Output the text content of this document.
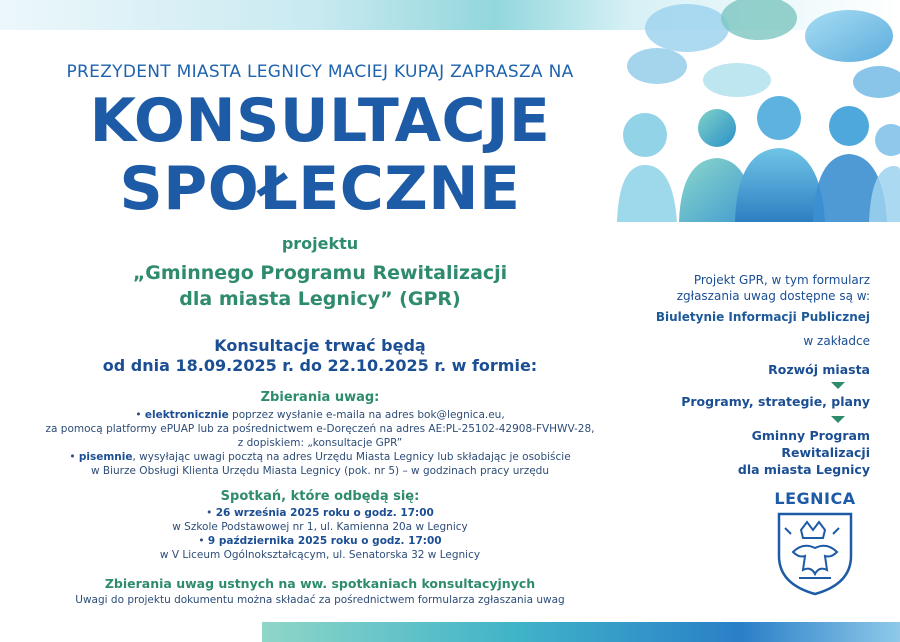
PREZYDENT MIASTA LEGNICY MACIEJ KUPAJ ZAPRASZA NA
KONSULTACJE
SPOŁECZNE
projektu
„Gminnego Programu Rewitalizacji
dla miasta Legnicy” (GPR)
Konsultacje trwać będą
od dnia 18.09.2025 r. do 22.10.2025 r. w formie:
Zbierania uwag:
• elektronicznie poprzez wysłanie e-maila na adres bok@legnica.eu,
za pomocą platformy ePUAP lub za pośrednictwem e-Doręczeń na adres AE:PL-25102-42908-FVHWV-28,
z dopiskiem: „konsultacje GPR”
• pisemnie, wysyłając uwagi pocztą na adres Urzędu Miasta Legnicy lub składając je osobiście
w Biurze Obsługi Klienta Urzędu Miasta Legnicy (pok. nr 5) – w godzinach pracy urzędu
Spotkań, które odbędą się:
• 26 września 2025 roku o godz. 17:00
w Szkole Podstawowej nr 1, ul. Kamienna 20a w Legnicy
• 9 października 2025 roku o godz. 17:00
w V Liceum Ogólnokształcącym, ul. Senatorska 32 w Legnicy
Zbierania uwag ustnych na ww. spotkaniach konsultacyjnych
Uwagi do projektu dokumentu można składać za pośrednictwem formularza zgłaszania uwag
Projekt GPR, w tym formularz
zgłaszania uwag dostępne są w:
Biuletynie Informacji Publicznej
w zakładce
Rozwój miasta
Programy, strategie, plany
Gminny Program
Rewitalizacji
dla miasta Legnicy
LEGNICA
